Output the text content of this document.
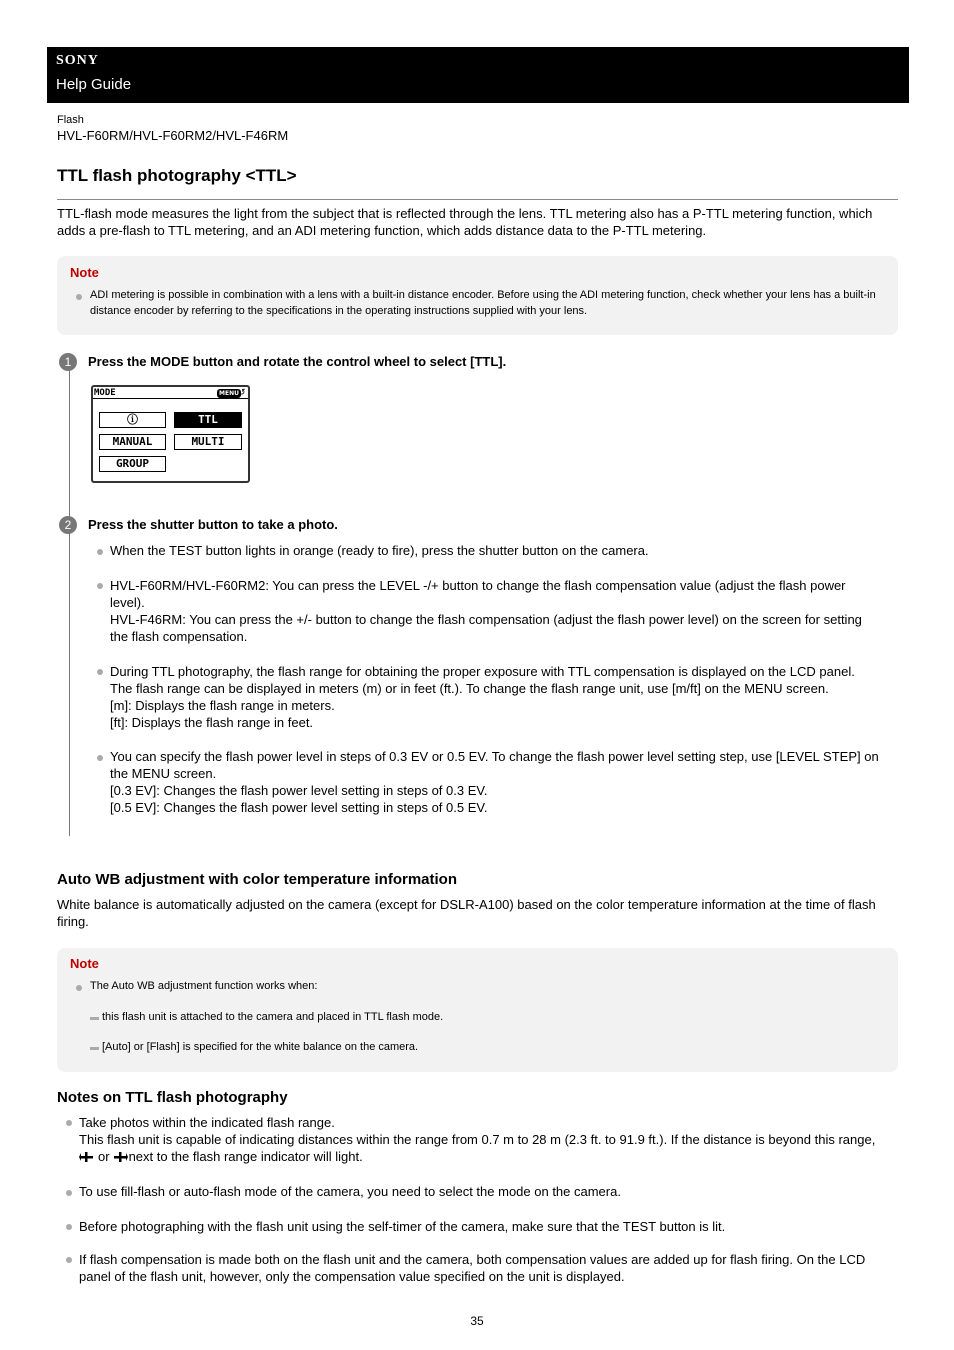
SONY
Help Guide
Flash
HVL-F60RM/HVL-F60RM2/HVL-F46RM
TTL flash photography <TTL>
TTL-flash mode measures the light from the subject that is reflected through the lens. TTL metering also has a P-TTL metering function, which adds a pre-flash to TTL metering, and an ADI metering function, which adds distance data to the P-TTL metering.
Note
ADI metering is possible in combination with a lens with a built-in distance encoder. Before using the ADI metering function, check whether your lens has a built-in distance encoder by referring to the specifications in the operating instructions supplied with your lens.
1	Press the MODE button and rotate the control wheel to select [TTL].
MODE	MENU ↺
ⓘ	TTL
MANUAL	MULTI
GROUP
2	Press the shutter button to take a photo.

When the TEST button lights in orange (ready to fire), press the shutter button on the camera.

HVL-F60RM/HVL-F60RM2: You can press the LEVEL -/+ button to change the flash compensation value (adjust the flash power

level).

HVL-F46RM: You can press the +/- button to change the flash compensation (adjust the flash power level) on the screen for setting

the flash compensation.

During TTL photography, the flash range for obtaining the proper exposure with TTL compensation is displayed on the LCD panel.

The flash range can be displayed in meters (m) or in feet (ft.). To change the flash range unit, use [m/ft] on the MENU screen.

[m]: Displays the flash range in meters.

[ft]: Displays the flash range in feet.

You can specify the flash power level in steps of 0.3 EV or 0.5 EV. To change the flash power level setting step, use [LEVEL STEP] on

the MENU screen.

[0.3 EV]: Changes the flash power level setting in steps of 0.3 EV.

[0.5 EV]: Changes the flash power level setting in steps of 0.5 EV.

Auto WB adjustment with color temperature information
White balance is automatically adjusted on the camera (except for DSLR-A100) based on the color temperature information at the time of flash firing.
Note
The Auto WB adjustment function works when:
this flash unit is attached to the camera and placed in TTL flash mode.
[Auto] or [Flash] is specified for the white balance on the camera.
Notes on TTL flash photography

Take photos within the indicated flash range.

This flash unit is capable of indicating distances within the range from 0.7 m to 28 m (2.3 ft. to 91.9 ft.). If the distance is beyond this range,

or next to the flash range indicator will light.

To use fill-flash or auto-flash mode of the camera, you need to select the mode on the camera.
Before photographing with the flash unit using the self-timer of the camera, make sure that the TEST button is lit.

If flash compensation is made both on the flash unit and the camera, both compensation values are added up for flash firing. On the LCD

panel of the flash unit, however, only the compensation value specified on the unit is displayed.

35
